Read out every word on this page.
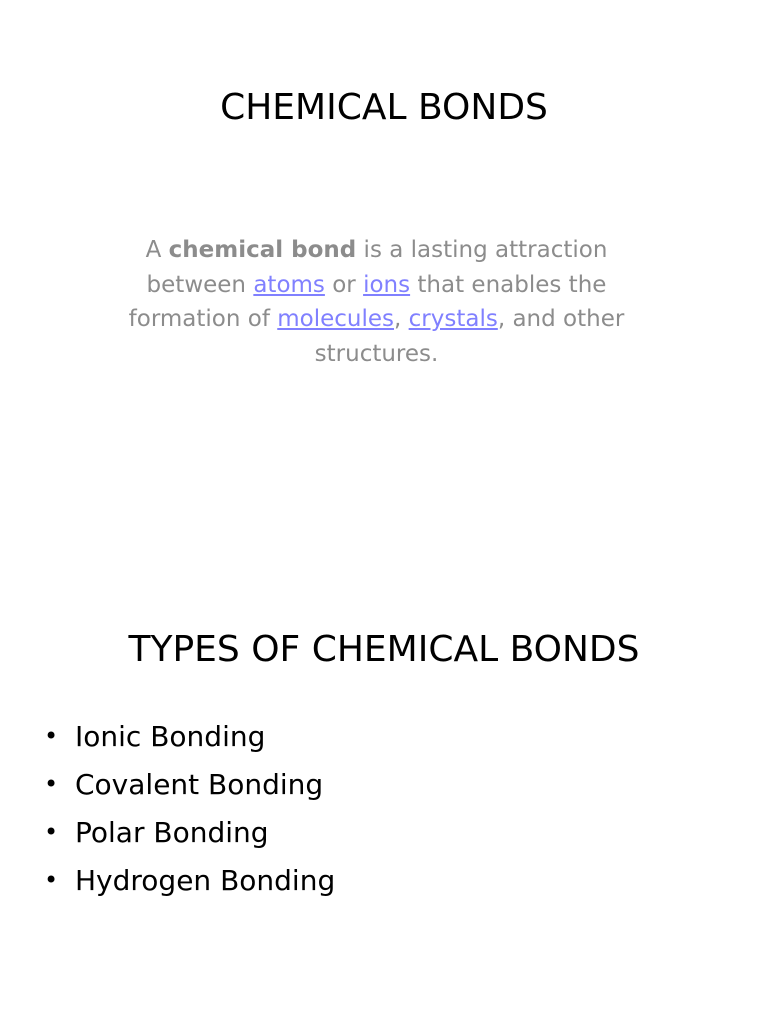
CHEMICAL BONDS

A chemical bond is a lasting attraction between atoms or ions that enables the formation of molecules, crystals, and other structures.

TYPES OF CHEMICAL BONDS
• Ionic Bonding
• Covalent Bonding
• Polar Bonding
• Hydrogen Bonding
